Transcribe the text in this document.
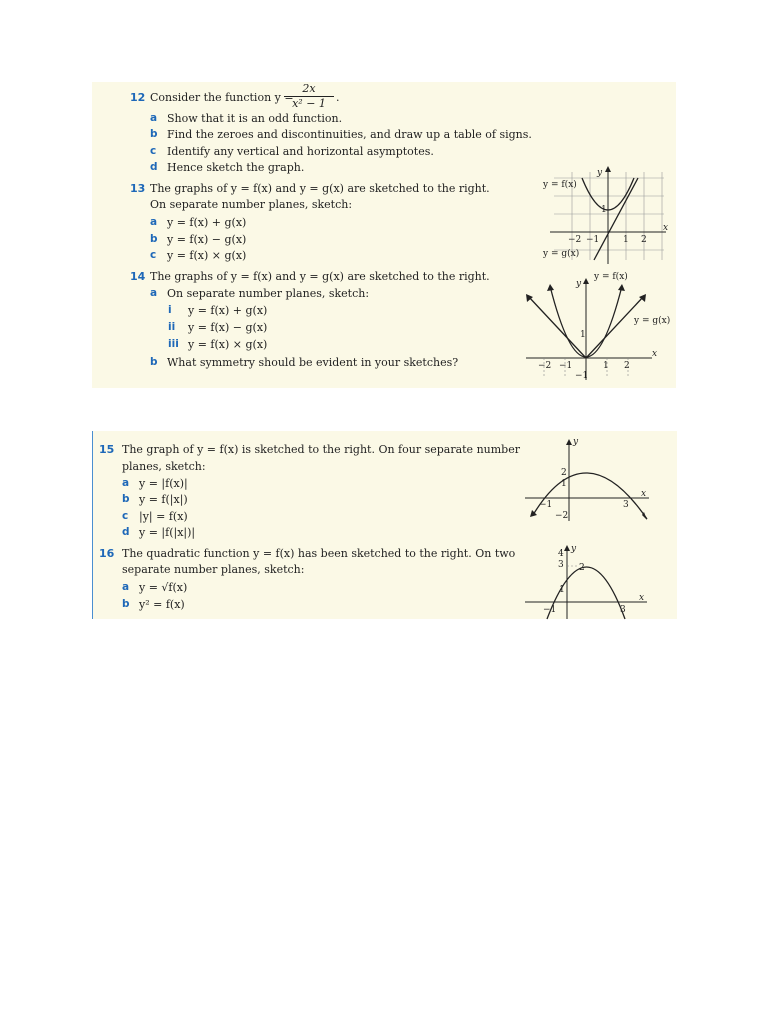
12 Consider the function y =
2x
x² − 1 .
a Show that it is an odd function.
b Find the zeroes and discontinuities, and draw up a table of signs.
c Identify any vertical and horizontal asymptotes.
d Hence sketch the graph.
13 The graphs of y = f(x) and y = g(x) are sketched to the right.
On separate number planes, sketch:
a y = f(x) + g(x)
b y = f(x) − g(x)
c y = f(x) × g(x)
14 The graphs of y = f(x) and y = g(x) are sketched to the right.
a On separate number planes, sketch:
i y = f(x) + g(x)
ii y = f(x) − g(x)
iii y = f(x) × g(x)
b What symmetry should be evident in your sketches?
y = f(x)
y = g(x)
y
x
1
−2 −1	1 2
y = f(x)
y = g(x)
y
x
1
−2 −1	1 2
−1
15 The graph of y = f(x) is sketched to the right. On four separate number
planes, sketch:
a y = |f(x)|
b y = f(|x|)
c |y| = f(x)
d y = |f(|x|)|
16 The quadratic function y = f(x) has been sketched to the right. On two
separate number planes, sketch:
a y = √f(x)
b y² = f(x)
y
x
2
1
−1
−2
3
y
x
4
3 2
1
−1	3
